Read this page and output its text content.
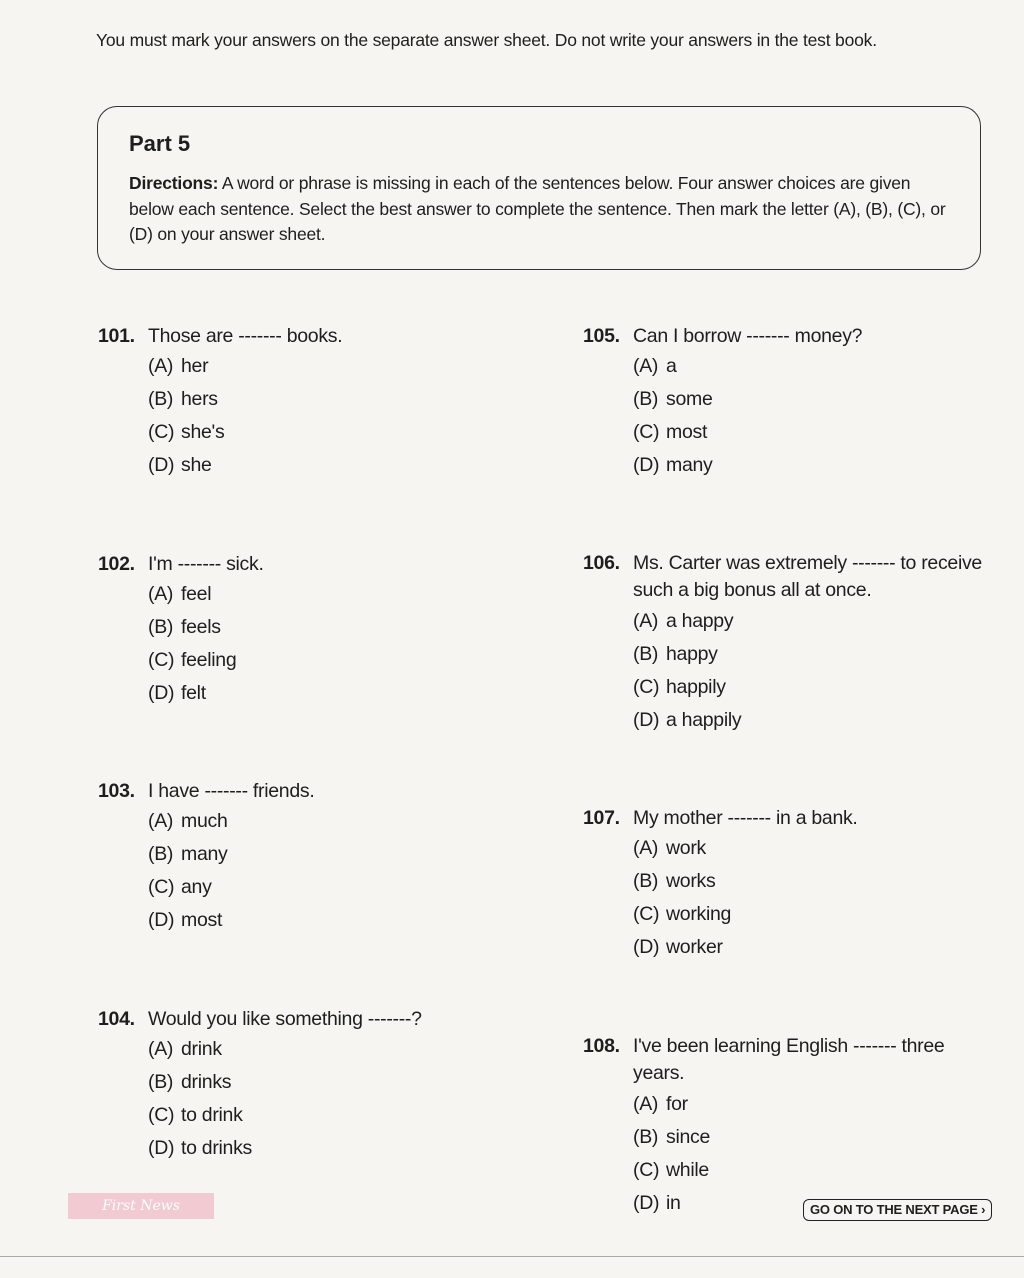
You must mark your answers on the separate answer sheet. Do not write your answers in the test book.
Part 5
Directions: A word or phrase is missing in each of the sentences below. Four answer choices are given below each sentence. Select the best answer to complete the sentence. Then mark the letter (A), (B), (C), or (D) on your answer sheet.
101. Those are ------- books.
(A) her
(B) hers
(C) she's
(D) she
102. I'm ------- sick.
(A) feel
(B) feels
(C) feeling
(D) felt
103. I have ------- friends.
(A) much
(B) many
(C) any
(D) most
104. Would you like something -------?
(A) drink
(B) drinks
(C) to drink
(D) to drinks
105. Can I borrow ------- money?
(A) a
(B) some
(C) most
(D) many
106. Ms. Carter was extremely ------- to receive such a big bonus all at once.
(A) a happy
(B) happy
(C) happily
(D) a happily
107. My mother ------- in a bank.
(A) work
(B) works
(C) working
(D) worker
108. I've been learning English ------- three years.
(A) for
(B) since
(C) while
(D) in
First News	GO ON TO THE NEXT PAGE ›
